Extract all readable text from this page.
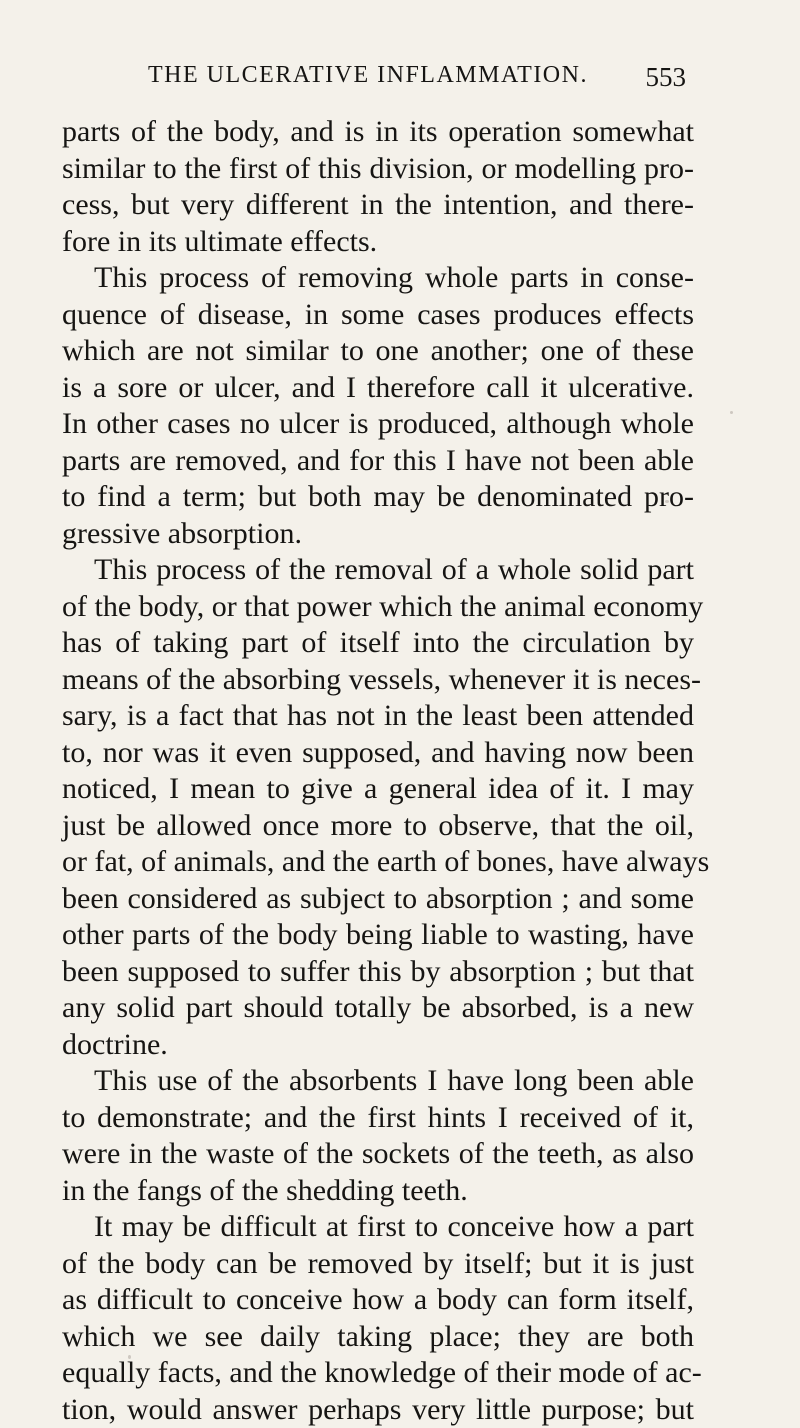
THE ULCERATIVE INFLAMMATION. 553
parts of the body, and is in its operation somewhat
similar to the first of this division, or modelling pro-
cess, but very different in the intention, and there-
fore in its ultimate effects.
This process of removing whole parts in conse-
quence of disease, in some cases produces effects
which are not similar to one another; one of these
is a sore or ulcer, and I therefore call it ulcerative.
In other cases no ulcer is produced, although whole
parts are removed, and for this I have not been able
to find a term; but both may be denominated pro-
gressive absorption.
This process of the removal of a whole solid part
of the body, or that power which the animal economy
has of taking part of itself into the circulation by
means of the absorbing vessels, whenever it is neces-
sary, is a fact that has not in the least been attended
to, nor was it even supposed, and having now been
noticed, I mean to give a general idea of it. I may
just be allowed once more to observe, that the oil,
or fat, of animals, and the earth of bones, have always
been considered as subject to absorption ; and some
other parts of the body being liable to wasting, have
been supposed to suffer this by absorption ; but that
any solid part should totally be absorbed, is a new
doctrine.
This use of the absorbents I have long been able
to demonstrate; and the first hints I received of it,
were in the waste of the sockets of the teeth, as also
in the fangs of the shedding teeth.
It may be difficult at first to conceive how a part
of the body can be removed by itself; but it is just
as difficult to conceive how a body can form itself,
which we see daily taking place; they are both
equally facts, and the knowledge of their mode of ac-
tion, would answer perhaps very little purpose; but
